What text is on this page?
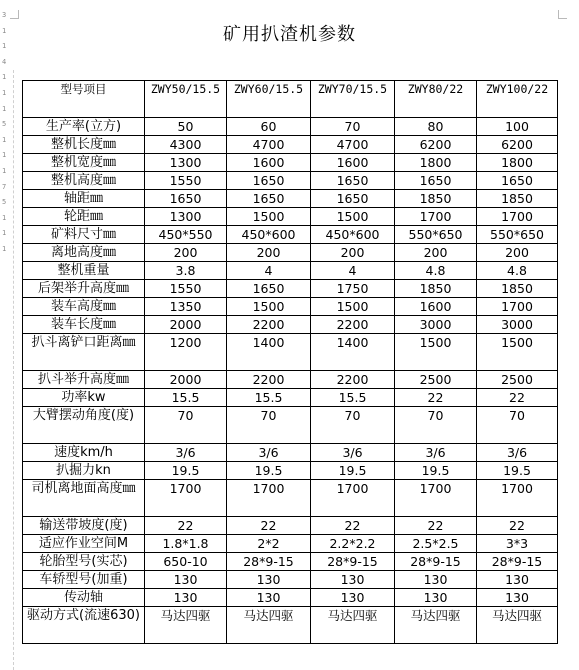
3
1
1
4
1
1
1
5
1
1
1
7
5
1
1
1
矿用扒渣机参数
型号项目	ZWY50/15.5	ZWY60/15.5	ZWY70/15.5	ZWY80/22	ZWY100/22
生产率(立方)	50	60	70	80	100
整机长度㎜	4300	4700	4700	6200	6200
整机宽度㎜	1300	1600	1600	1800	1800
整机高度㎜	1550	1650	1650	1650	1650
轴距㎜	1650	1650	1650	1850	1850
轮距㎜	1300	1500	1500	1700	1700
矿料尺寸㎜	450*550	450*600	450*600	550*650	550*650
离地高度㎜	200	200	200	200	200
整机重量	3.8	4	4	4.8	4.8
后架举升高度㎜	1550	1650	1750	1850	1850
装车高度㎜	1350	1500	1500	1600	1700
装车长度㎜	2000	2200	2200	3000	3000
扒斗离铲口距离㎜	1200	1400	1400	1500	1500
扒斗举升高度㎜	2000	2200	2200	2500	2500
功率kw	15.5	15.5	15.5	22	22
大臂摆动角度(度)	70	70	70	70	70
速度km/h	3/6	3/6	3/6	3/6	3/6
扒掘力kn	19.5	19.5	19.5	19.5	19.5
司机离地面高度㎜	1700	1700	1700	1700	1700
输送带坡度(度)	22	22	22	22	22
适应作业空间M	1.8*1.8	2*2	2.2*2.2	2.5*2.5	3*3
轮胎型号(实芯)	650-10	28*9-15	28*9-15	28*9-15	28*9-15
车轿型号(加重)	130	130	130	130	130
传动轴	130	130	130	130	130
驱动方式(流速630)	马达四驱	马达四驱	马达四驱	马达四驱	马达四驱
